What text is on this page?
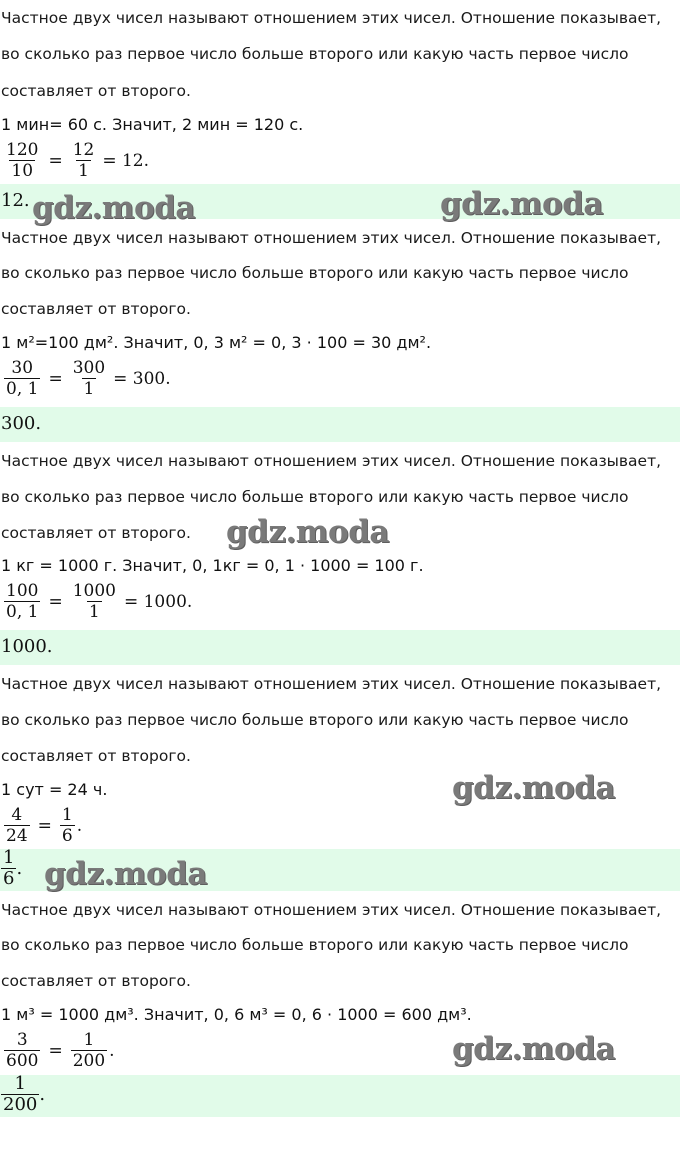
Частное двух чисел называют отношением этих чисел. Отношение показывает,
во сколько раз первое число больше второго или какую часть первое число
составляет от второго.
1 мин= 60 с. Значит, 2 мин = 120 с.
$\frac{120}{10} = \frac{12}{1} = 12$.
12.
Частное двух чисел называют отношением этих чисел. Отношение показывает,
во сколько раз первое число больше второго или какую часть первое число
составляет от второго.
1 м²=100 дм². Значит, 0, 3 м² = 0, 3 · 100 = 30 дм².
$\frac{30}{0, 1} = \frac{300}{1} = 300$.
300.
Частное двух чисел называют отношением этих чисел. Отношение показывает,
во сколько раз первое число больше второго или какую часть первое число
составляет от второго.
1 кг = 1000 г. Значит, 0, 1кг = 0, 1 · 1000 = 100 г.
$\frac{100}{0, 1} = \frac{1000}{1} = 1000$.
1000.
Частное двух чисел называют отношением этих чисел. Отношение показывает,
во сколько раз первое число больше второго или какую часть первое число
составляет от второго.
1 сут = 24 ч.
$\frac{4}{24} = \frac{1}{6}$ .
$\frac{1}{6}$ .
Частное двух чисел называют отношением этих чисел. Отношение показывает,
во сколько раз первое число больше второго или какую часть первое число
составляет от второго.
1 м³ = 1000 дм³. Значит, 0, 6 м³ = 0, 6 · 1000 = 600 дм³.
$\frac{3}{600} = \frac{1}{200}$ .
$\frac{1}{200}$ .
gdz.moda	gdz.moda
gdz.moda
gdz.moda
gdz.moda
gdz.moda
